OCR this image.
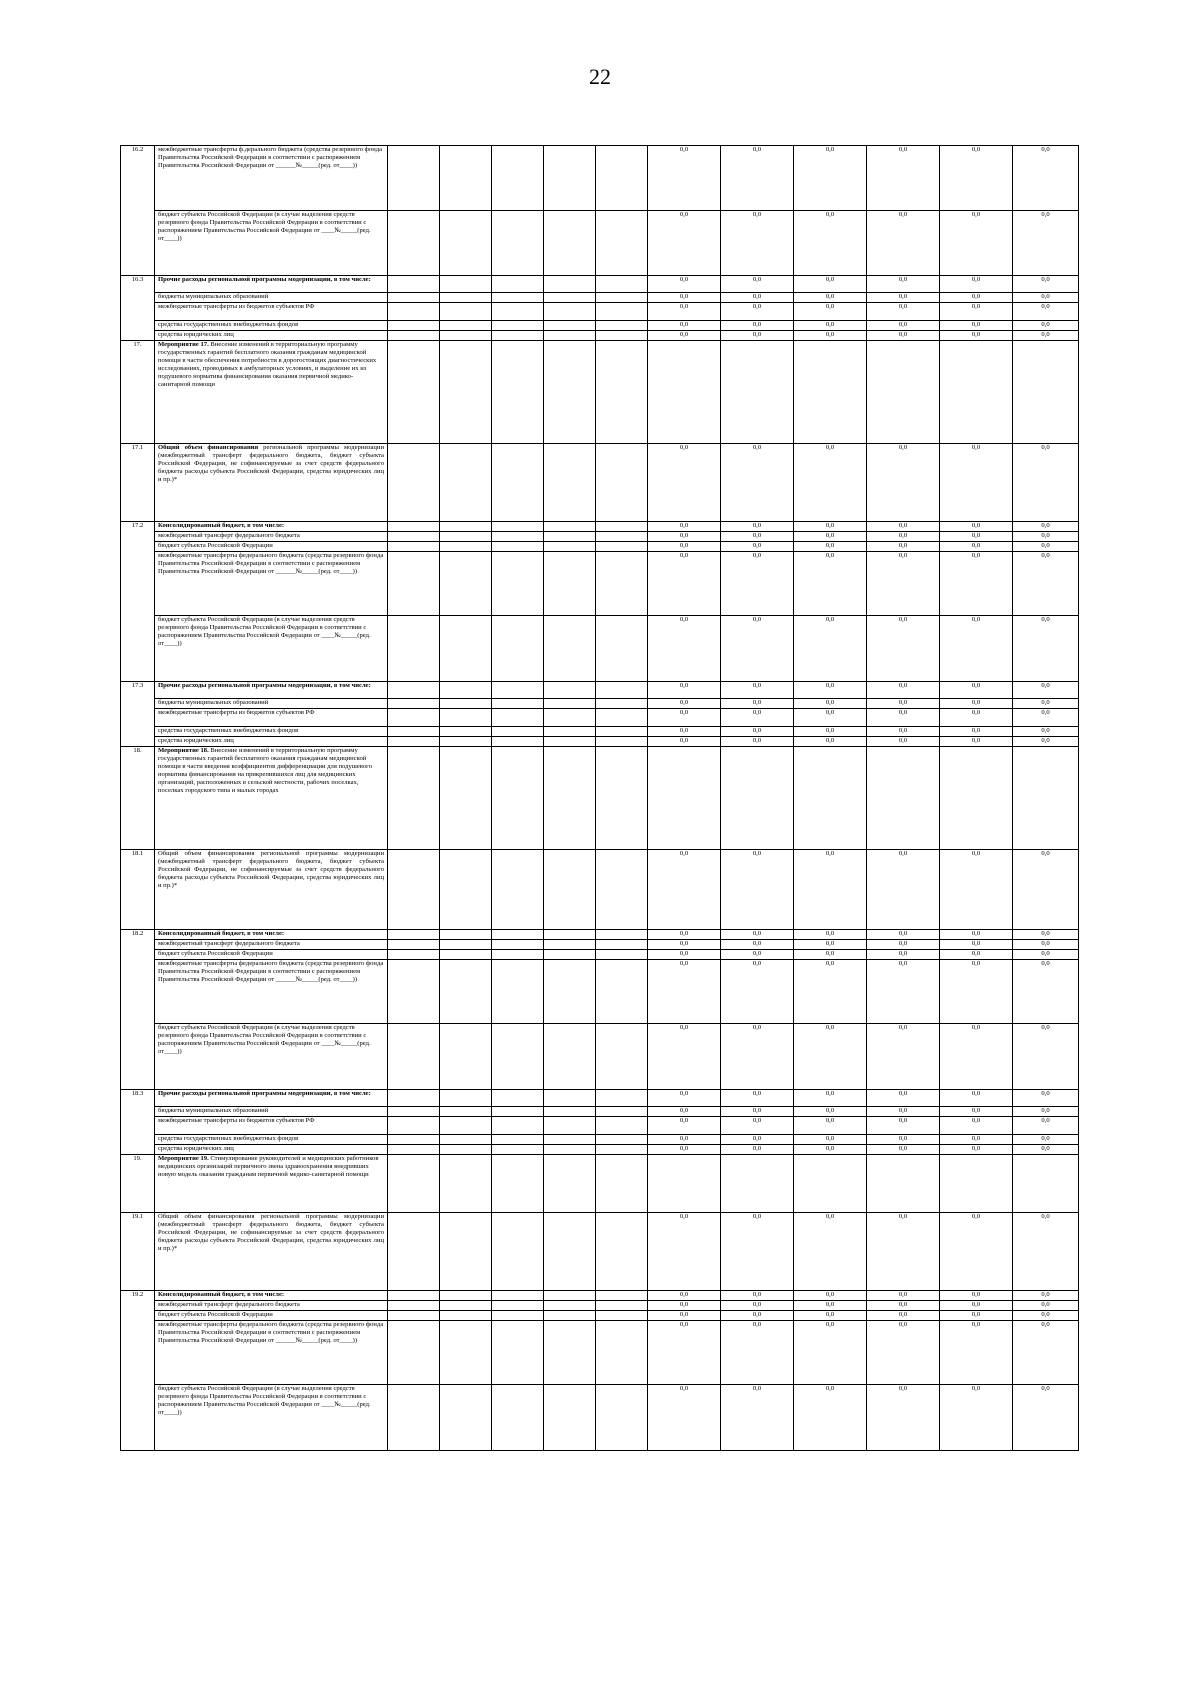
22
16.2	межбюджетные трансферты ф.дерального бюджета (средства резервного фонда Правительства Российской Федерации в соответствии с распоряжением Правительства Российской Федерации от ______№_____(ред. от____))						0,0	0,0	0,0	0,0	0,0	0,0
	бюджет субъекта Российской Федерации (в случае выделения средств резервного фонда Правительства Российской Федерации в соответствии с распоряжением Правительства Российской Федерации от ____№_____(ред. от____))						0,0	0,0	0,0	0,0	0,0	0,0
16.3	Прочие расходы региональной программы модернизации, в том числе:						0,0	0,0	0,0	0,0	0,0	0,0
	бюджеты муниципальных образований						0,0	0,0	0,0	0,0	0,0	0,0
	межбюджетные трансферты из бюджетов субъектов РФ						0,0	0,0	0,0	0,0	0,0	0,0
	средства государственных внебюджетных фондов						0,0	0,0	0,0	0,0	0,0	0,0
	средства юридических лиц						0,0	0,0	0,0	0,0	0,0	0,0
17.	Мероприятие 17. Внесение изменений в территориальную программу государственных гарантий бесплатного оказания гражданам медицинской помощи в части обеспечения потребности в дорогостоящих диагностических исследованиях, проводимых в амбулаторных условиях, и выделение их из подушевого норматива финансирования оказания первичной медико-санитарной помощи											
17.1	Общий объем финансирования региональной программы модернизации (межбюджетный трансферт федерального бюджета, бюджет субъекта Российской Федерации, не софинансируемые за счет средств федерального бюджета расходы субъекта Российской Федерации, средства юридических лиц и пр.)*						0,0	0,0	0,0	0,0	0,0	0,0
17.2	Консолидированный бюджет, в том числе:						0,0	0,0	0,0	0,0	0,0	0,0
	межбюджетный трансферт федерального бюджета						0,0	0,0	0,0	0,0	0,0	0,0
	бюджет субъекта Российской Федерации						0,0	0,0	0,0	0,0	0,0	0,0
	межбюджетные трансферты федерального бюджета (средства резервного фонда Правительства Российской Федерации в соответствии с распоряжением Правительства Российской Федерации от ______№_____(ред. от____))						0,0	0,0	0,0	0,0	0,0	0,0
	бюджет субъекта Российской Федерации (в случае выделения средств резервного фонда Правительства Российской Федерации в соответствии с распоряжением Правительства Российской Федерации от ____№_____(ред. от____))						0,0	0,0	0,0	0,0	0,0	0,0
17.3	Прочие расходы региональной программы модернизации, в том числе:						0,0	0,0	0,0	0,0	0,0	0,0
	бюджеты муниципальных образований						0,0	0,0	0,0	0,0	0,0	0,0
	межбюджетные трансферты из бюджетов субъектов РФ						0,0	0,0	0,0	0,0	0,0	0,0
	средства государственных внебюджетных фондов						0,0	0,0	0,0	0,0	0,0	0,0
	средства юридических лиц						0,0	0,0	0,0	0,0	0,0	0,0
18.	Мероприятие 18. Внесение изменений в территориальную программу государственных гарантий бесплатного оказания гражданам медицинской помощи в части введения коэффициентов дифференциации для подушевого норматива финансирования на прикрепившихся лиц для медицинских организаций, расположенных в сельской местности, рабочих поселках, поселках городского типа и малых городах											
18.1	Общий объем финансирования региональной программы модернизации (межбюджетный трансферт федерального бюджета, бюджет субъекта Российской Федерации, не софинансируемые за счет средств федерального бюджета расходы субъекта Российской Федерации, средства юридических лиц и пр.)*						0,0	0,0	0,0	0,0	0,0	0,0
18.2	Консолидированный бюджет, в том числе:						0,0	0,0	0,0	0,0	0,0	0,0
	межбюджетный трансферт федерального бюджета						0,0	0,0	0,0	0,0	0,0	0,0
	бюджет субъекта Российской Федерации						0,0	0,0	0,0	0,0	0,0	0,0
	межбюджетные трансферты федерального бюджета (средства резервного фонда Правительства Российской Федерации в соответствии с распоряжением Правительства Российской Федерации от ______№_____(ред. от____))						0,0	0,0	0,0	0,0	0,0	0,0
	бюджет субъекта Российской Федерации (в случае выделения средств резервного фонда Правительства Российской Федерации в соответствии с распоряжением Правительства Российской Федерации от ____№_____(ред. от____))						0,0	0,0	0,0	0,0	0,0	0,0
18.3	Прочие расходы региональной программы модернизации, в том числе:						0,0	0,0	0,0	0,0	0,0	0,0
	бюджеты муниципальных образований						0,0	0,0	0,0	0,0	0,0	0,0
	межбюджетные трансферты из бюджетов субъектов РФ						0,0	0,0	0,0	0,0	0,0	0,0
	средства государственных внебюджетных фондов						0,0	0,0	0,0	0,0	0,0	0,0
	средства юридических лиц						0,0	0,0	0,0	0,0	0,0	0,0
19.	Мероприятие 19. Стимулирование руководителей и медицинских работников медицинских организаций первичного звена здравоохранения внедривших новую модель оказания гражданам первичной медико-санитарной помощи											
19.1	Общий объем финансирования региональной программы модернизации (межбюджетный трансферт федерального бюджета, бюджет субъекта Российской Федерации, не софинансируемые за счет средств федерального бюджета расходы субъекта Российской Федерации, средства юридических лиц и пр.)*						0,0	0,0	0,0	0,0	0,0	0,0
19.2	Консолидированный бюджет, в том числе:						0,0	0,0	0,0	0,0	0,0	0,0
	межбюджетный трансферт федерального бюджета						0,0	0,0	0,0	0,0	0,0	0,0
	бюджет субъекта Российской Федерации						0,0	0,0	0,0	0,0	0,0	0,0
	межбюджетные трансферты федерального бюджета (средства резервного фонда Правительства Российской Федерации в соответствии с распоряжением Правительства Российской Федерации от ______№_____(ред. от____))						0,0	0,0	0,0	0,0	0,0	0,0
	бюджет субъекта Российской Федерации (в случае выделения средств резервного фонда Правительства Российской Федерации в соответствии с распоряжением Правительства Российской Федерации от ____№_____(ред. от____))						0,0	0,0	0,0	0,0	0,0	0,0
